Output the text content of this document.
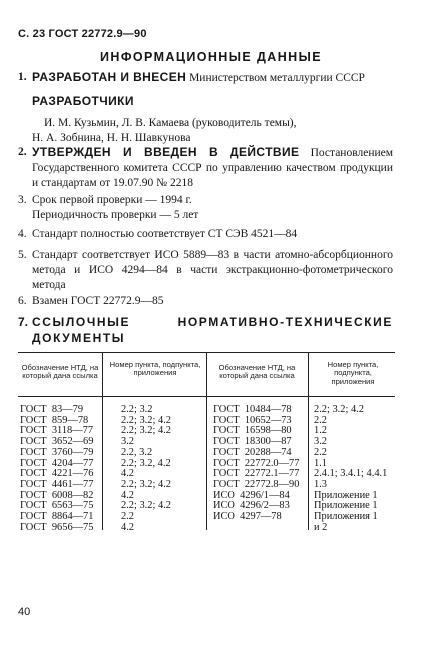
С. 23 ГОСТ 22772.9—90
ИНФОРМАЦИОННЫЕ ДАННЫЕ
1. РАЗРАБОТАН И ВНЕСЕН Министерством металлургии СССР
РАЗРАБОТЧИКИ
И. М. Кузьмин, Л. В. Камаева (руководитель темы),
Н. А. Зобнина, Н. Н. Шавкунова
2. УТВЕРЖДЕН И ВВЕДЕН В ДЕЙСТВИЕ Постановлением Государственного комитета СССР по управлению качеством продукции и стандартам от 19.07.90 № 2218
3. Срок первой проверки — 1994 г.
Периодичность проверки — 5 лет
4. Стандарт полностью соответствует СТ СЭВ 4521—84
5. Стандарт соответствует ИСО 5889—83 в части атомно-абсорбционного метода и ИСО 4294—84 в части экстракционно-фотометрического метода
6. Взамен ГОСТ 22772.9—85
7. ССЫЛОЧНЫЕ НОРМАТИВНО-ТЕХНИЧЕСКИЕ ДОКУМЕНТЫ
Обозначение НТД, на который дана ссылка
Номер пункта, подпункта, приложения
Обозначение НТД, на который дана ссылка
Номер пункта, подпункта, приложения
ГОСТ  83—79
ГОСТ  859—78
ГОСТ  3118—77
ГОСТ  3652—69
ГОСТ  3760—79
ГОСТ  4204—77
ГОСТ  4221—76
ГОСТ  4461—77
ГОСТ  6008—82
ГОСТ  6563—75
ГОСТ  8864—71
ГОСТ  9656—75
2.2; 3.2
2.2; 3.2; 4.2
2.2; 3.2; 4.2
3.2
2.2, 3.2
2.2; 3.2, 4.2
4.2
2.2; 3.2; 4.2
4.2
2.2; 3.2; 4.2
2.2
4.2
ГОСТ  10484—78
ГОСТ  10652—73
ГОСТ  16598—80
ГОСТ  18300—87
ГОСТ  20288—74
ГОСТ  22772.0—77
ГОСТ  22772.1—77
ГОСТ  22772.8—90
ИСО  4296/1—84
ИСО  4296/2—83
ИСО  4297—78
2.2; 3.2; 4.2
2.2
1.2
3.2
2.2
1.1
2.4.1; 3.4.1; 4.4.1
1.3
Приложение 1
Приложение 1
Приложения 1
и 2
40
